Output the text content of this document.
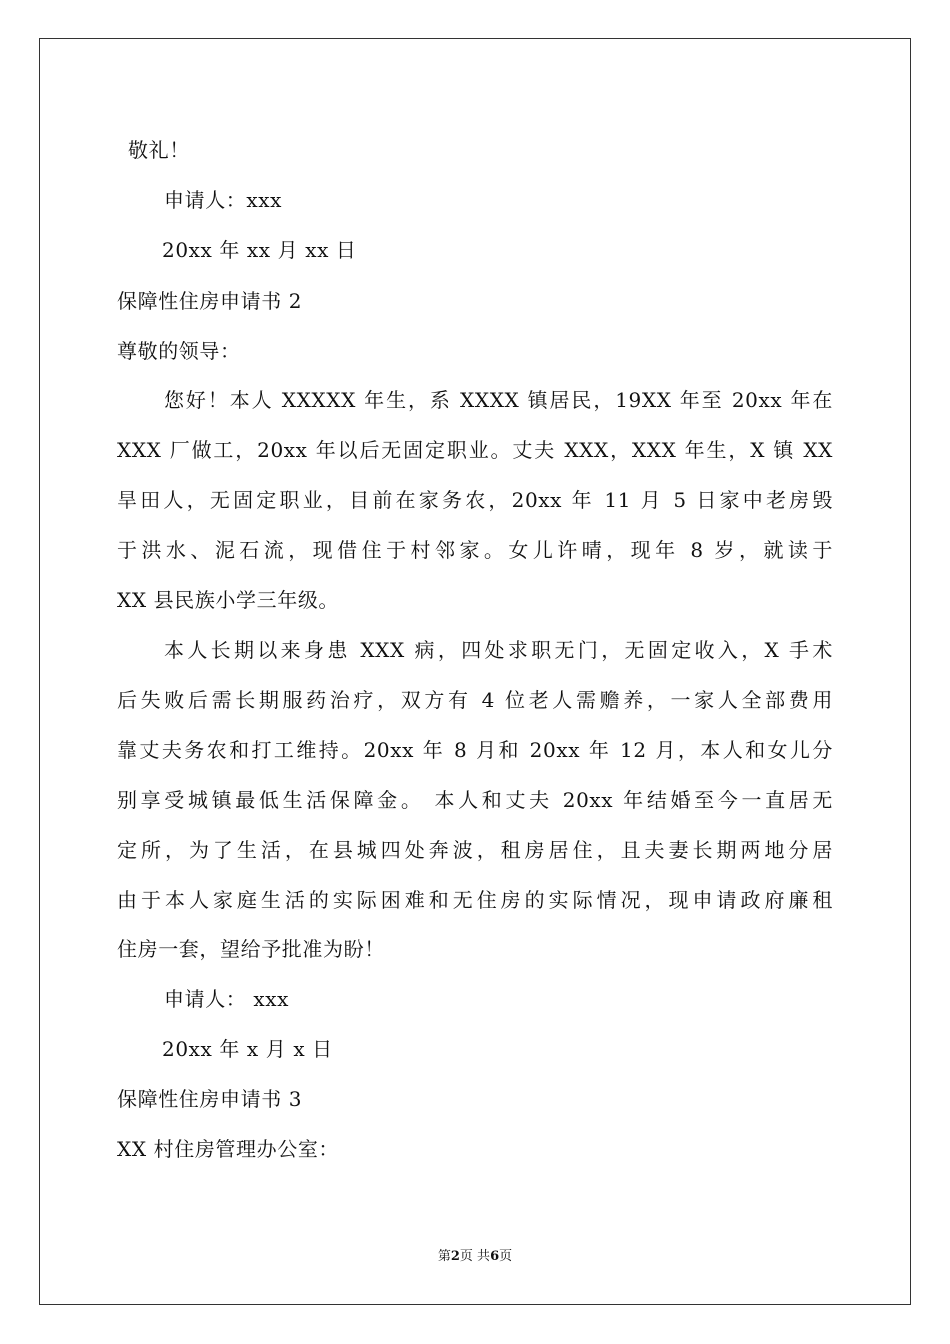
敬礼！
申请人：xxx
20xx 年 xx 月 xx 日
保障性住房申请书 2
尊敬的领导：
您好！本人 XXXXX 年生，系 XXXX 镇居民，19XX 年至 20xx 年在
XXX 厂做工，20xx 年以后无固定职业。丈夫 XXX，XXX 年生，X 镇 XX
旱田人，无固定职业，目前在家务农，20xx 年 11 月 5 日家中老房毁
于洪水、泥石流，现借住于村邻家。女儿许晴，现年 8 岁，就读于
XX 县民族小学三年级。
本人长期以来身患 XXX 病，四处求职无门，无固定收入，X 手术
后失败后需长期服药治疗，双方有 4 位老人需赡养，一家人全部费用
靠丈夫务农和打工维持。20xx 年 8 月和 20xx 年 12 月，本人和女儿分
别享受城镇最低生活保障金。 本人和丈夫 20xx 年结婚至今一直居无
定所，为了生活，在县城四处奔波，租房居住，且夫妻长期两地分居
由于本人家庭生活的实际困难和无住房的实际情况，现申请政府廉租
住房一套，望给予批准为盼！
申请人： xxx
20xx 年 x 月 x 日
保障性住房申请书 3
XX 村住房管理办公室：
第2页 共6页
